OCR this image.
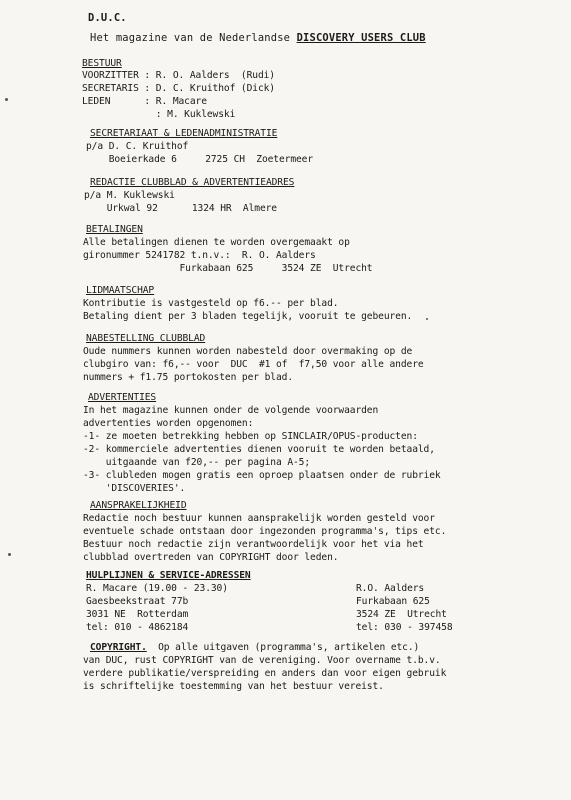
D.U.C.
Het magazine van de Nederlandse DISCOVERY USERS CLUB
BESTUUR
VOORZITTER : R. O. Aalders  (Rudi)
SECRETARIS : D. C. Kruithof (Dick)
LEDEN      : R. Macare
: M. Kuklewski
SECRETARIAAT & LEDENADMINISTRATIE
p/a D. C. Kruithof
Boeierkade 6     2725 CH  Zoetermeer
REDACTIE CLUBBLAD & ADVERTENTIEADRES
p/a M. Kuklewski
Urkwal 92      1324 HR  Almere
BETALINGEN
Alle betalingen dienen te worden overgemaakt op
gironummer 5241782 t.n.v.:  R. O. Aalders
Furkabaan 625     3524 ZE  Utrecht
LIDMAATSCHAP
Kontributie is vastgesteld op f6.-- per blad.
Betaling dient per 3 bladen tegelijk, vooruit te gebeuren.
NABESTELLING CLUBBLAD
Oude nummers kunnen worden nabesteld door overmaking op de
clubgiro van: f6,-- voor  DUC  #1 of  f7,50 voor alle andere
nummers + f1.75 portokosten per blad.
ADVERTENTIES
In het magazine kunnen onder de volgende voorwaarden
advertenties worden opgenomen:
-1- ze moeten betrekking hebben op SINCLAIR/OPUS-producten:
-2- kommerciele advertenties dienen vooruit te worden betaald,
uitgaande van f20,-- per pagina A-5;
-3- clubleden mogen gratis een oproep plaatsen onder de rubriek
'DISCOVERIES'.
AANSPRAKELIJKHEID
Redactie noch bestuur kunnen aansprakelijk worden gesteld voor
eventuele schade ontstaan door ingezonden programma's, tips etc.
Bestuur noch redactie zijn verantwoordelijk voor het via het
clubblad overtreden van COPYRIGHT door leden.
HULPLIJNEN & SERVICE-ADRESSEN
R. Macare (19.00 - 23.30)
Gaesbeekstraat 77b
3031 NE  Rotterdam
tel: 010 - 4862184
R.O. Aalders
Furkabaan 625
3524 ZE  Utrecht
tel: 030 - 397458
COPYRIGHT.  Op alle uitgaven (programma's, artikelen etc.)
van DUC, rust COPYRIGHT van de vereniging. Voor overname t.b.v.
verdere publikatie/verspreiding en anders dan voor eigen gebruik
is schriftelijke toestemming van het bestuur vereist.
